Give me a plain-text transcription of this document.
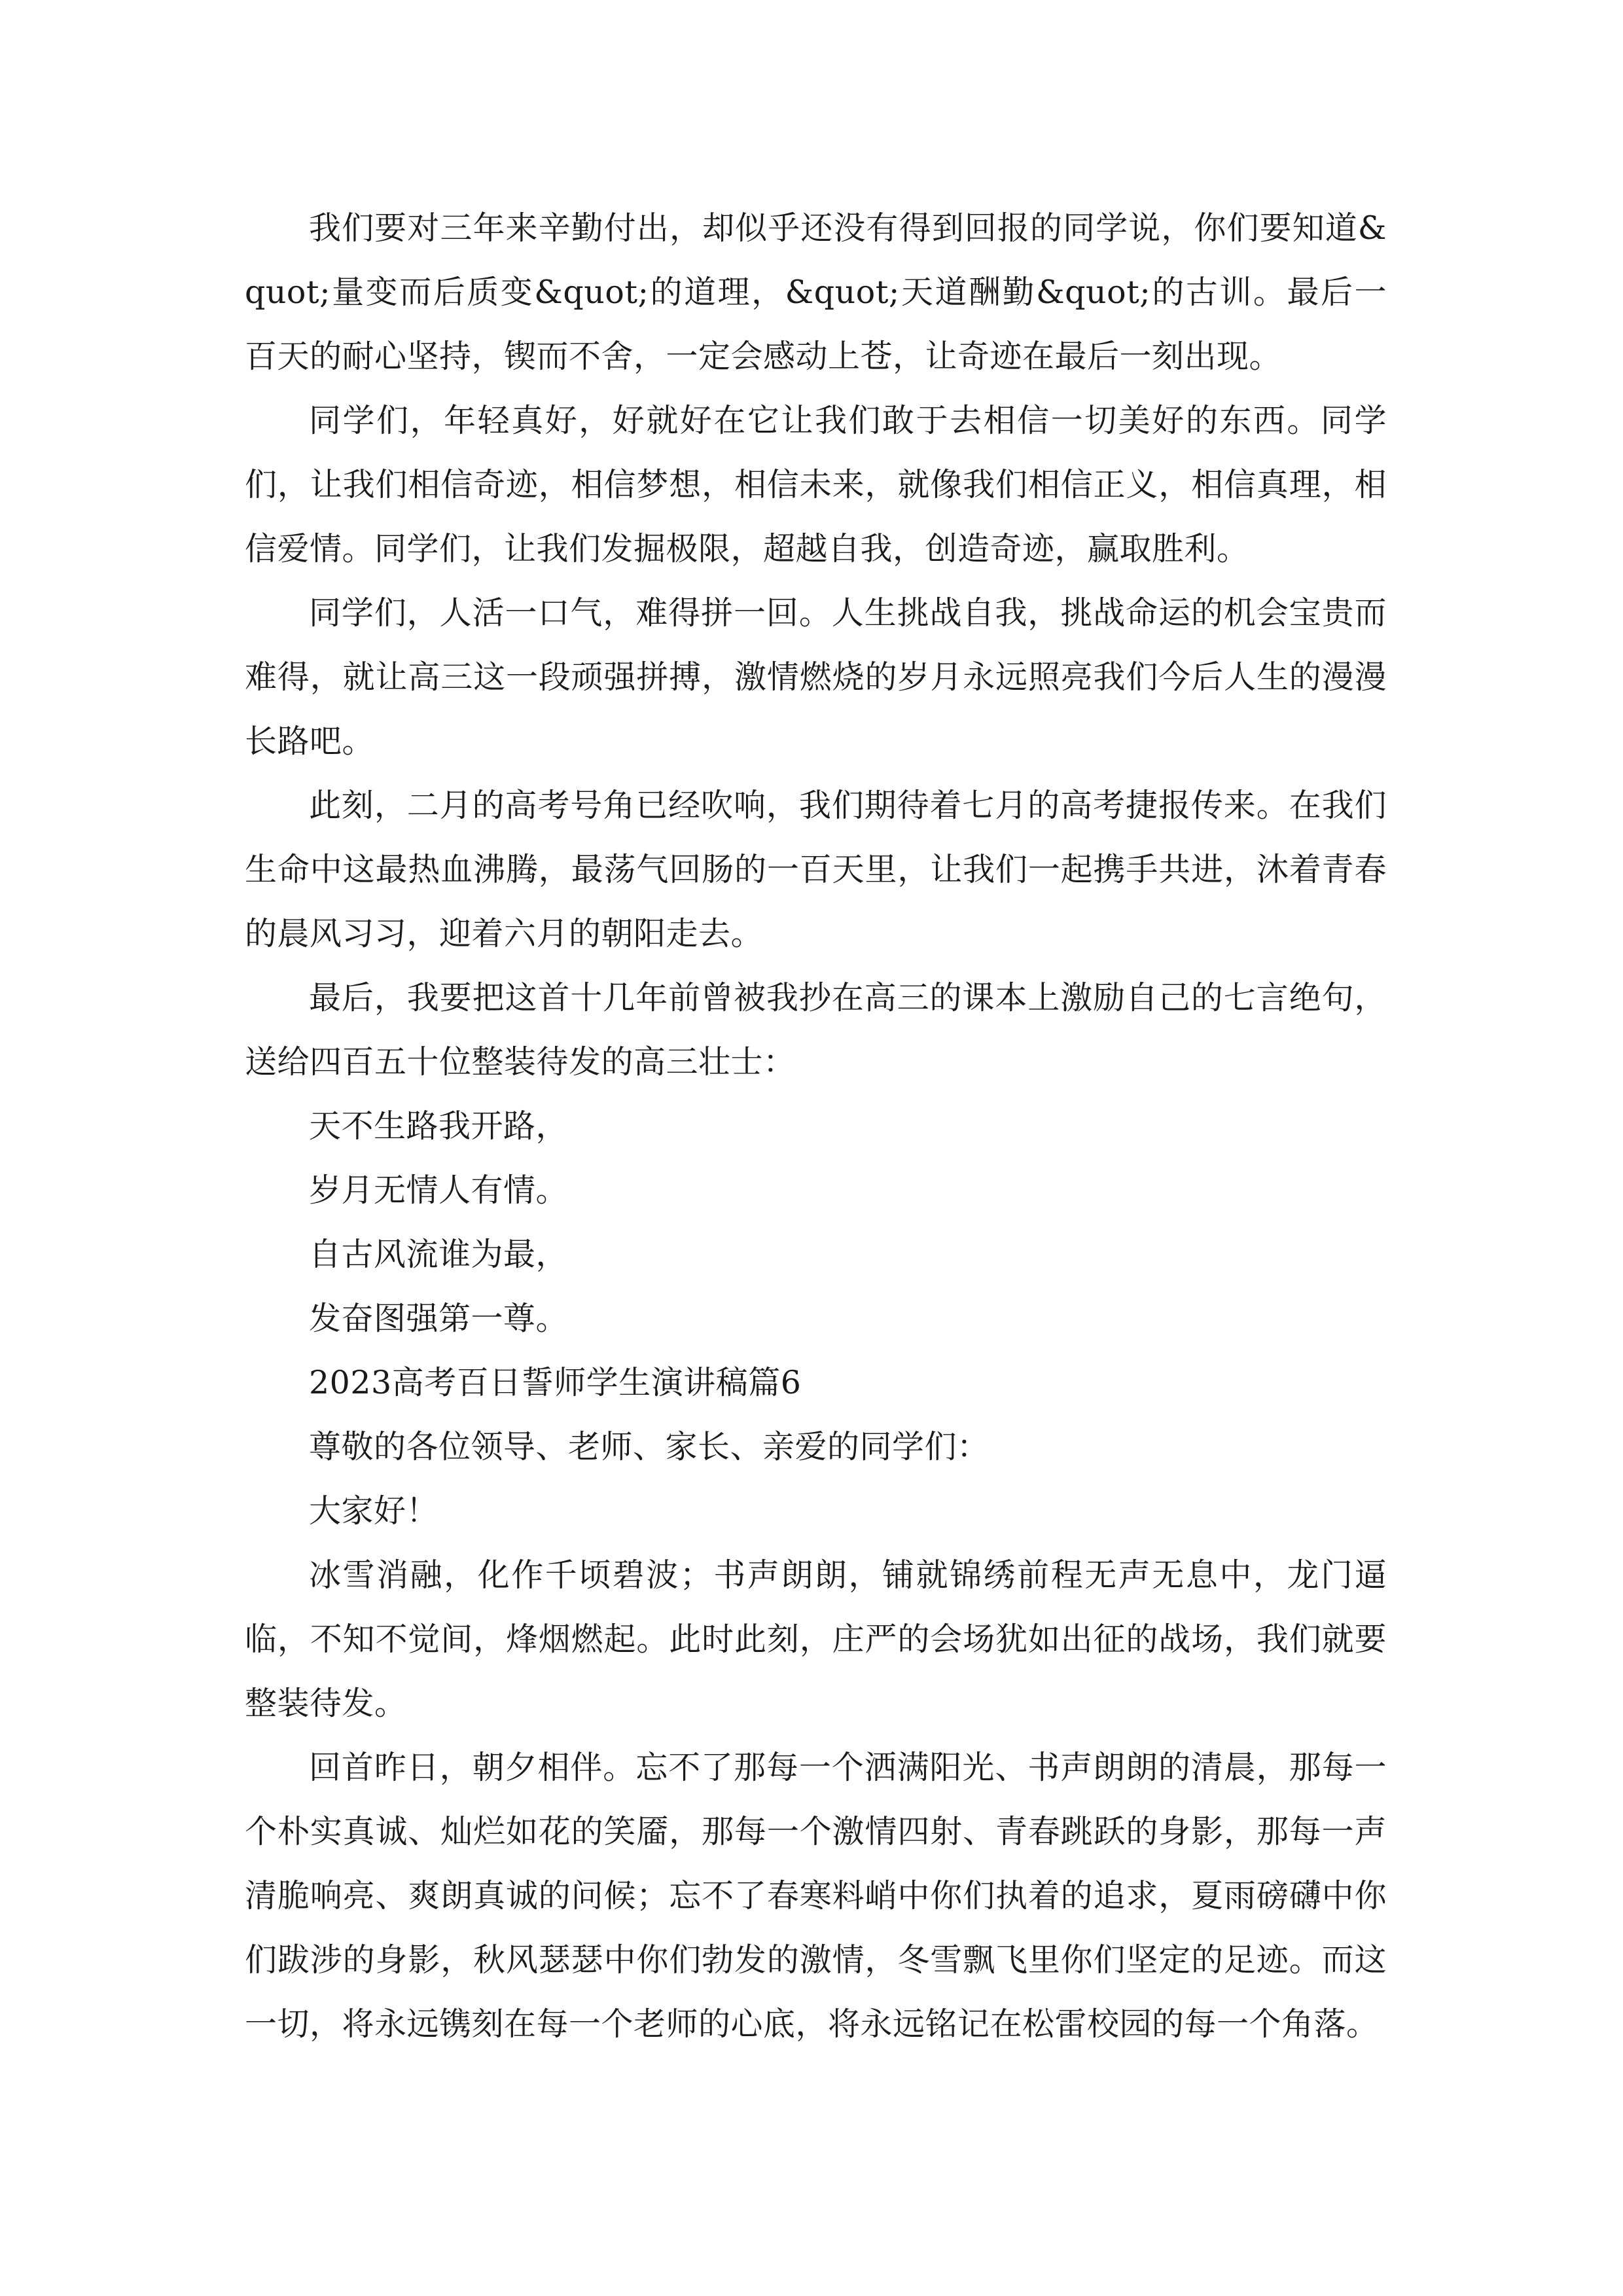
我们要对三年来辛勤付出，却似乎还没有得到回报的同学说，你们要知道&quot;量变而后质变&quot;的道理，&quot;天道酬勤&quot;的古训。最后一百天的耐心坚持，锲而不舍，一定会感动上苍，让奇迹在最后一刻出现。

同学们，年轻真好，好就好在它让我们敢于去相信一切美好的东西。同学们，让我们相信奇迹，相信梦想，相信未来，就像我们相信正义，相信真理，相信爱情。同学们，让我们发掘极限，超越自我，创造奇迹，赢取胜利。

同学们，人活一口气，难得拼一回。人生挑战自我，挑战命运的机会宝贵而难得，就让高三这一段顽强拼搏，激情燃烧的岁月永远照亮我们今后人生的漫漫长路吧。

此刻，二月的高考号角已经吹响，我们期待着七月的高考捷报传来。在我们生命中这最热血沸腾，最荡气回肠的一百天里，让我们一起携手共进，沐着青春的晨风习习，迎着六月的朝阳走去。

最后，我要把这首十几年前曾被我抄在高三的课本上激励自己的七言绝句，送给四百五十位整装待发的高三壮士：

天不生路我开路，

岁月无情人有情。

自古风流谁为最，

发奋图强第一尊。

2023高考百日誓师学生演讲稿篇6

尊敬的各位领导、老师、家长、亲爱的同学们：

大家好！

冰雪消融，化作千顷碧波；书声朗朗，铺就锦绣前程无声无息中，龙门逼临，不知不觉间，烽烟燃起。此时此刻，庄严的会场犹如出征的战场，我们就要整装待发。

回首昨日，朝夕相伴。忘不了那每一个洒满阳光、书声朗朗的清晨，那每一个朴实真诚、灿烂如花的笑靥，那每一个激情四射、青春跳跃的身影，那每一声清脆响亮、爽朗真诚的问候；忘不了春寒料峭中你们执着的追求，夏雨磅礴中你们跋涉的身影，秋风瑟瑟中你们勃发的激情，冬雪飘飞里你们坚定的足迹。而这一切，将永远镌刻在每一个老师的心底，将永远铭记在松雷校园的每一个角落。
